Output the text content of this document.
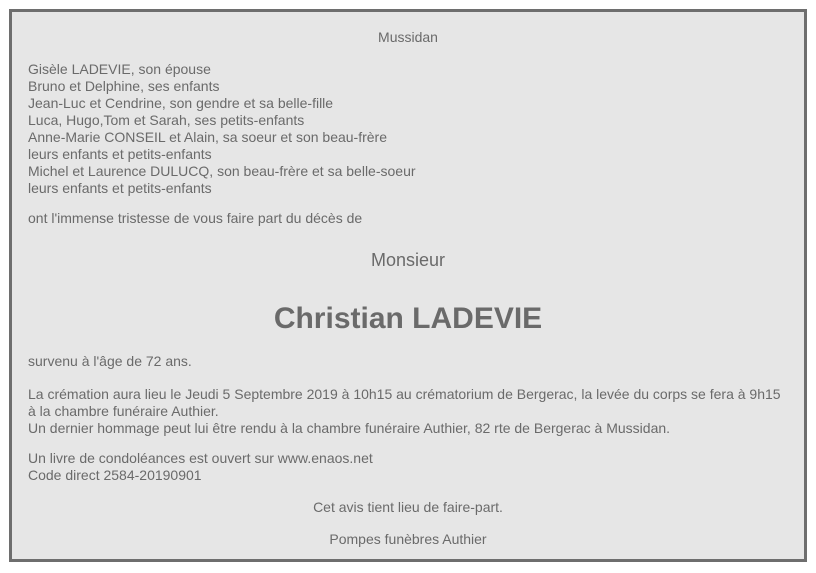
Mussidan
Gisèle LADEVIE, son épouse
Bruno et Delphine, ses enfants
Jean-Luc et Cendrine, son gendre et sa belle-fille
Luca, Hugo,Tom et Sarah, ses petits-enfants
Anne-Marie CONSEIL et Alain, sa soeur et son beau-frère
leurs enfants et petits-enfants
Michel et Laurence DULUCQ, son beau-frère et sa belle-soeur
leurs enfants et petits-enfants
ont l'immense tristesse de vous faire part du décès de
Monsieur
Christian LADEVIE
survenu à l'âge de 72 ans.
La crémation aura lieu le Jeudi 5 Septembre 2019 à 10h15 au crématorium de Bergerac, la levée du corps se fera à 9h15 à la chambre funéraire Authier.
Un dernier hommage peut lui être rendu à la chambre funéraire Authier, 82 rte de Bergerac à Mussidan.
Un livre de condoléances est ouvert sur www.enaos.net
Code direct 2584-20190901
Cet avis tient lieu de faire-part.
Pompes funèbres Authier
